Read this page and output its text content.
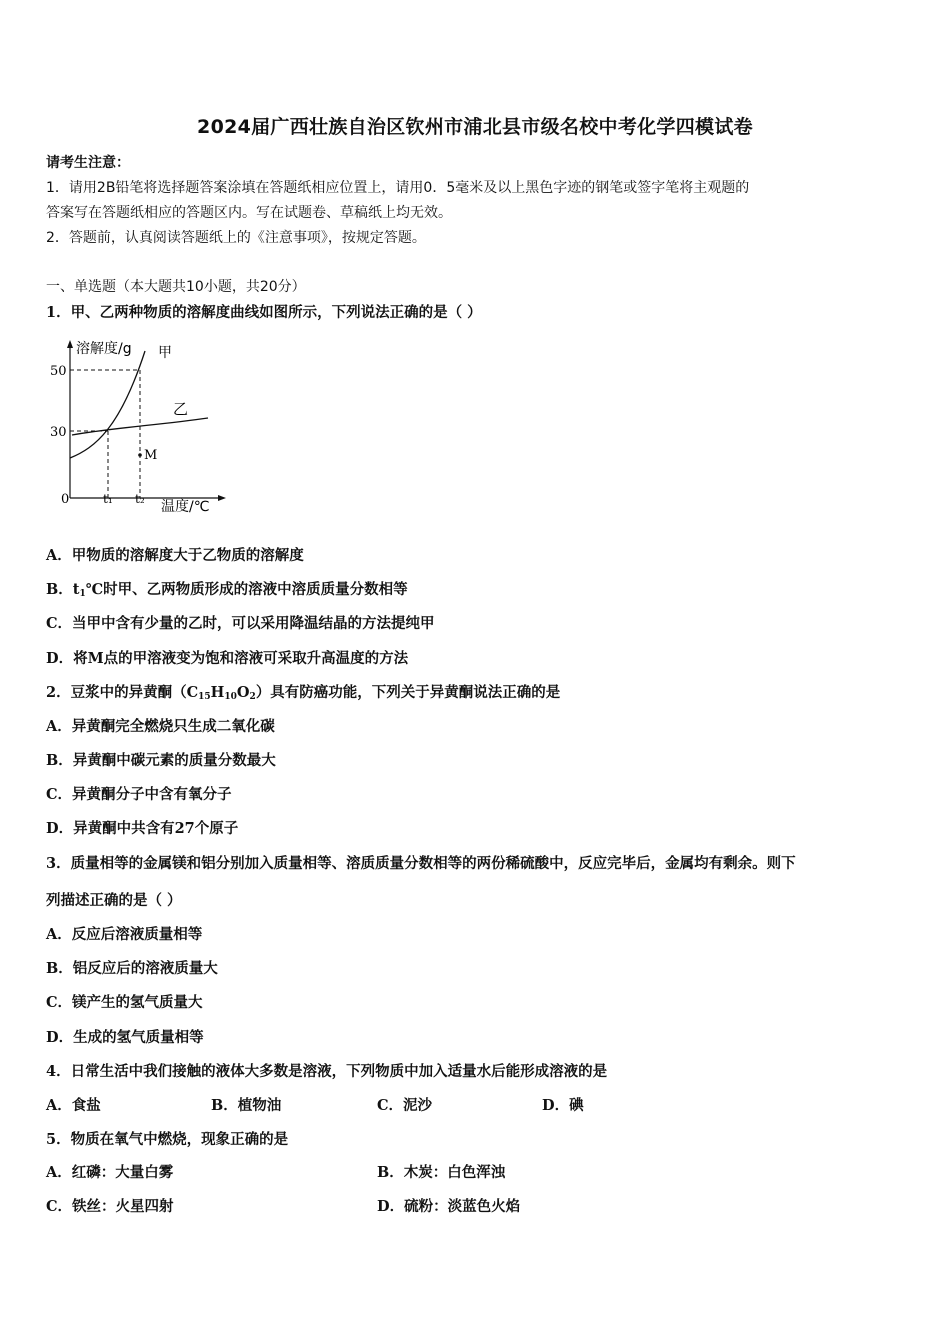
2024届广西壮族自治区钦州市浦北县市级名校中考化学四模试卷
请考生注意：
1．请用2B铅笔将选择题答案涂填在答题纸相应位置上，请用0．5毫米及以上黑色字迹的钢笔或签字笔将主观题的
答案写在答题纸相应的答题区内。写在试题卷、草稿纸上均无效。
2．答题前，认真阅读答题纸上的《注意事项》，按规定答题。
一、单选题（本大题共10小题，共20分）
1．甲、乙两种物质的溶解度曲线如图所示，下列说法正确的是（ ）
溶解度/g 甲
乙
M
50
30
0	t₁ t₂ 温度/℃
A．甲物质的溶解度大于乙物质的溶解度
B．$t_1℃$时甲、乙两物质形成的溶液中溶质质量分数相等
C．当甲中含有少量的乙时，可以采用降温结晶的方法提纯甲
D．将M点的甲溶液变为饱和溶液可采取升高温度的方法
2．豆浆中的异黄酮$(C_{15}H_{10}O_2)$具有防癌功能，下列关于异黄酮说法正确的是
A．异黄酮完全燃烧只生成二氧化碳
B．异黄酮中碳元素的质量分数最大
C．异黄酮分子中含有氧分子
D．异黄酮中共含有27个原子
3．质量相等的金属镁和铝分别加入质量相等、溶质质量分数相等的两份稀硫酸中，反应完毕后，金属均有剩余。则下
列描述正确的是（ ）
A．反应后溶液质量相等
B．铝反应后的溶液质量大
C．镁产生的氢气质量大
D．生成的氢气质量相等
4．日常生活中我们接触的液体大多数是溶液，下列物质中加入适量水后能形成溶液的是
A．食盐	B．植物油	C．泥沙	D．碘
5．物质在氧气中燃烧，现象正确的是
A．红磷：大量白雾	B．木炭：白色浑浊
C．铁丝：火星四射	D．硫粉：淡蓝色火焰
